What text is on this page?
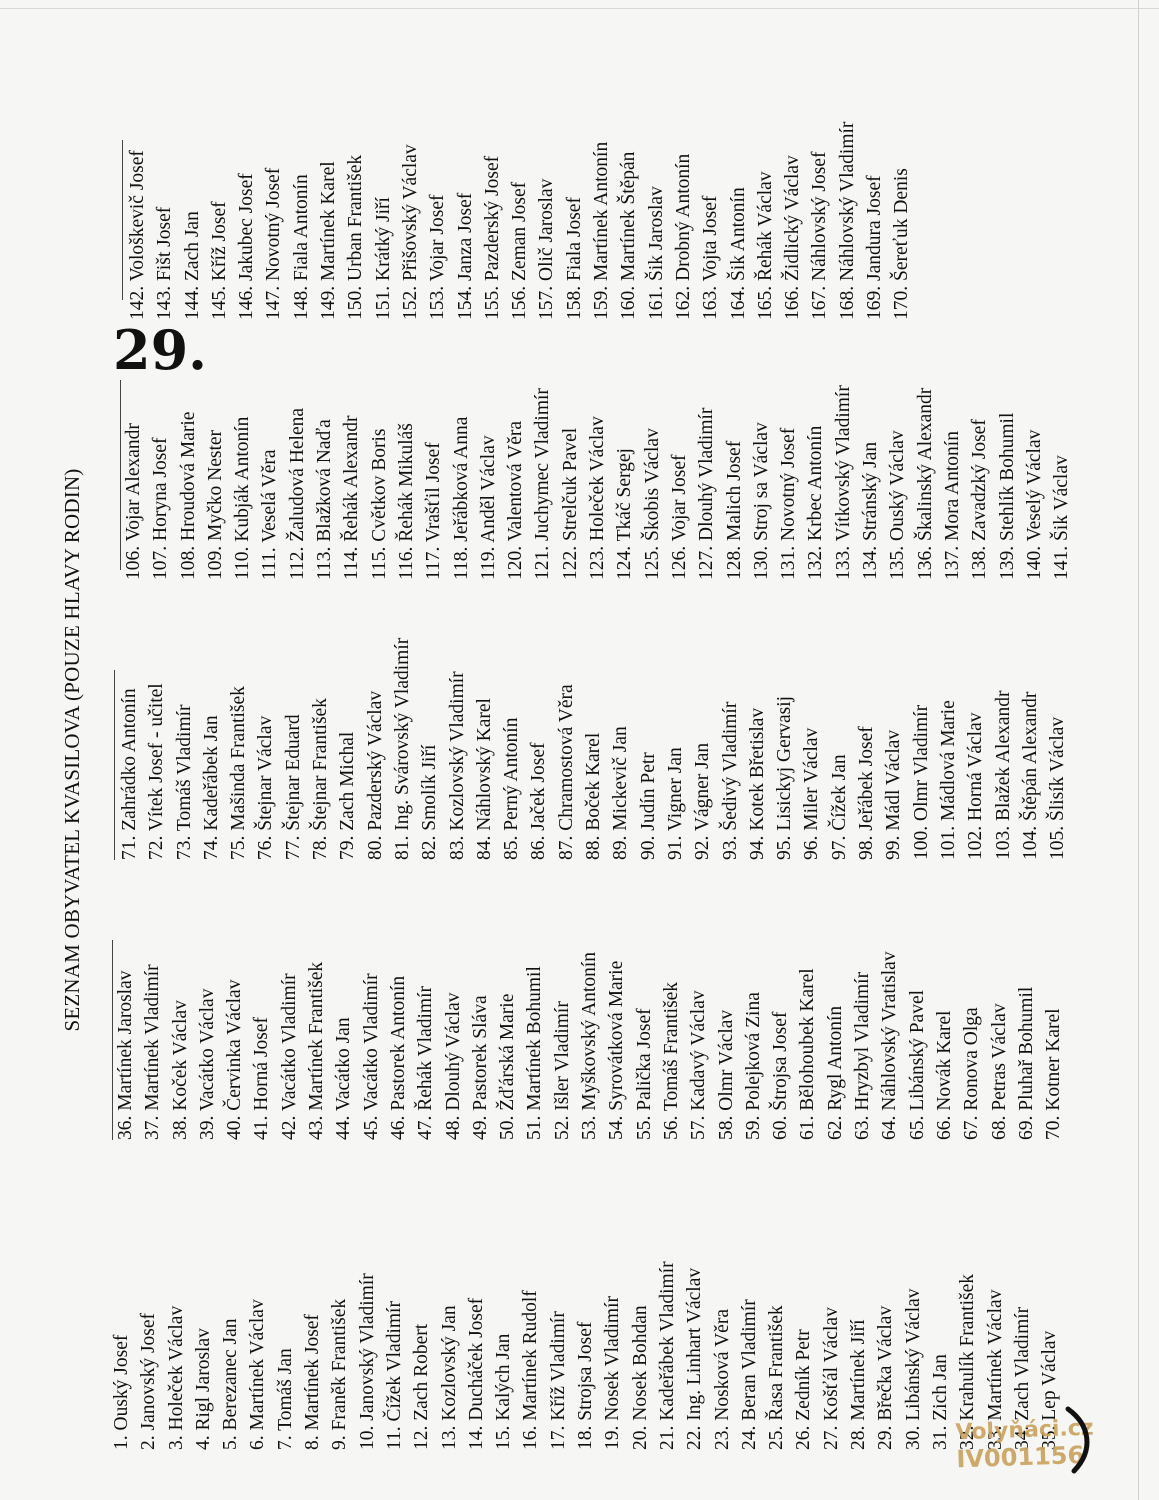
SEZNAM OBYVATEL KVASILOVA (POUZE HLAVY RODIN)
1. Ouský Josef 2. Janovský Josef 3. Holeček Václav 4. Rigl Jaroslav 5. Berezanec Jan 6. Martínek Václav 7. Tomáš Jan 8. Martínek Josef 9. Franěk František 10. Janovský Vladimír 11. Čížek Vladimír 12. Zach Robert 13. Kozlovský Jan 14. Ducháček Josef 15. Kalých Jan 16. Martínek Rudolf 17. Kříž Vladimír 18. Strojsa Josef 19. Nosek Vladimír 20. Nosek Bohdan 21. Kadeřábek Vladimír 22. Ing. Linhart Václav 23. Nosková Věra 24. Beran Vladimír 25. Řasa František 26. Zedník Petr 27. Košťál Václav 28. Martínek Jiří 29. Břečka Václav 30. Libánský Václav 31. Zich Jan 32. Krahulík František 33. Martínek Václav 34. Zach Vladimír 35. Lep Václav
36. Martínek Jaroslav 37. Martínek Vladimír 38. Koček Václav 39. Vacátko Václav 40. Červinka Václav 41. Horná Josef 42. Vacátko Vladimír 43. Martínek František 44. Vacátko Jan 45. Vacátko Vladimír 46. Pastorek Antonín 47. Řehák Vladimír 48. Dlouhý Václav 49. Pastorek Sláva 50. Žďárská Marie 51. Martínek Bohumil 52. Išler Vladimír 53. Myškovský Antonín 54. Syrovátková Marie 55. Palička Josef 56. Tomáš František 57. Kadavý Václav 58. Olmr Václav 59. Polejková Zina 60. Štrojsa Josef 61. Bělohoubek Karel 62. Rygl Antonín 63. Hryzbyl Vladimír 64. Náhlovský Vratislav 65. Libánský Pavel 66. Novák Karel 67. Ronova Olga 68. Petras Václav 69. Pluhař Bohumil 70. Kotner Karel
71. Zahrádko Antonín 72. Vítek Josef - učitel 73. Tomáš Vladimír 74. Kadeřábek Jan 75. Mašinda František 76. Štejnar Václav 77. Štejnar Eduard 78. Štejnar František 79. Zach Michal 80. Pazderský Václav 81. Ing. Svárovský Vladimír 82. Smolík Jiří 83. Kozlovský Vladimír 84. Náhlovský Karel 85. Perný Antonín 86. Jaček Josef 87. Chramostová Věra 88. Boček Karel 89. Mickevič Jan 90. Judín Petr 91. Vigner Jan 92. Vágner Jan 93. Šedivý Vladimír 94. Kotek Břetislav 95. Lisickyj Gervasij 96. Miler Václav 97. Čížek Jan 98. Jeřábek Josef 99. Mádl Václav 100. Olmr Vladimír 101. Mádlová Marie 102. Horná Václav 103. Blažek Alexandr 104. Štěpán Alexandr 105. Šlisík Václav
106. Vojar Alexandr 107. Horyna Josef 108. Hroudová Marie 109. Myčko Nester 110. Kubják Antonín 111. Veselá Věra 112. Žaludová Helena 113. Blažková Naďa 114. Řehák Alexandr 115. Cvětkov Boris 116. Řehák Mikuláš 117. Vrašťil Josef 118. Jeřábková Anna 119. Anděl Václav 120. Valentová Věra 121. Juchymec Vladimír 122. Strelčuk Pavel 123. Holeček Václav 124. Tkáč Sergej 125. Škobis Václav 126. Vojar Josef 127. Dlouhý Vladimír 128. Malich Josef 130. Stroj sa Václav 131. Novotný Josef 132. Krbec Antonín 133. Vítkovský Vladimír 134. Stránský Jan 135. Ouský Václav 136. Škalinský Alexandr 137. Mora Antonín 138. Zavadzký Josef 139. Stehlík Bohumil 140. Veselý Václav 141. Šik Václav
142. Vološkevič Josef 143. Fišt Josef 144. Zach Jan 145. Kříž Josef 146. Jakubec Josef 147. Novotný Josef 148. Fiala Antonín 149. Martínek Karel 150. Urban František 151. Krátký Jiří 152. Přišovský Václav 153. Vojar Josef 154. Janza Josef 155. Pazderský Josef 156. Zeman Josef 157. Olič Jaroslav 158. Fiala Josef 159. Martínek Antonín 160. Martínek Štěpán 161. Šik Jaroslav 162. Drobný Antonín 163. Vojta Josef 164. Šik Antonín 165. Řehák Václav 166. Židlický Václav 167. Náhlovský Josef 168. Náhlovský Vladimír 169. Jandura Josef 170. Šereťuk Denis
29.
Volyňáci.cz
IV001156
